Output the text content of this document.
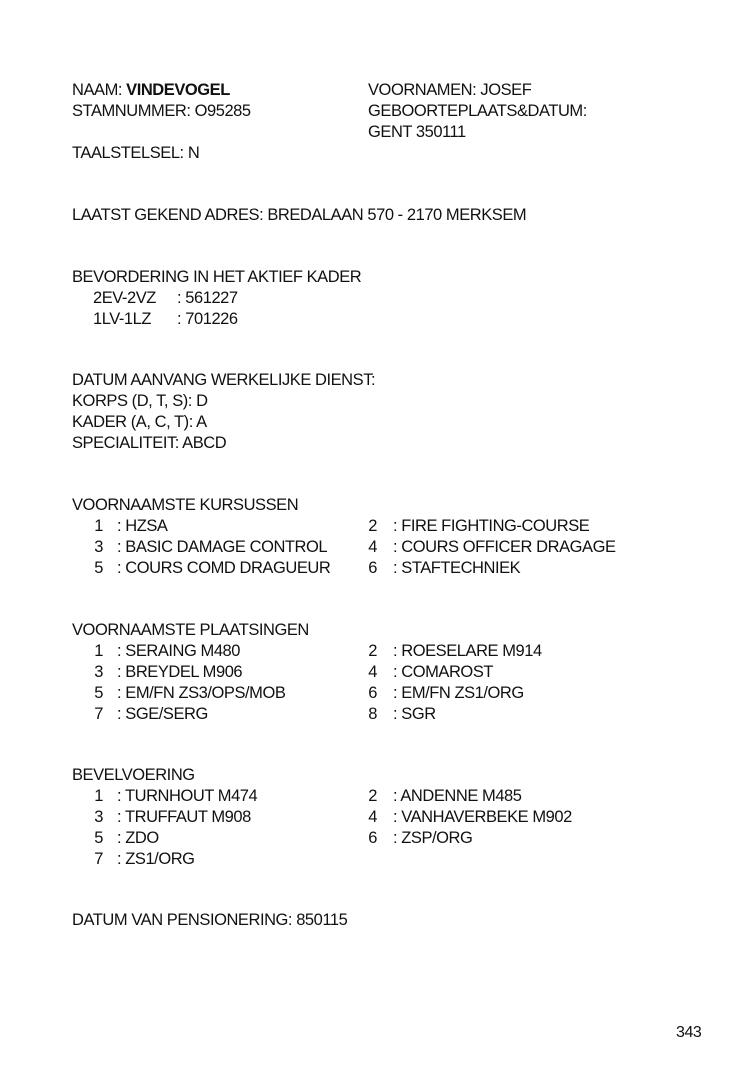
NAAM: VINDEVOGEL
STAMNUMMER: O95285
VOORNAMEN: JOSEF
GEBOORTEPLAATS&DATUM:
GENT 350111
TAALSTELSEL: N
LAATST GEKEND ADRES: BREDALAAN 570 - 2170 MERKSEM
BEVORDERING IN HET AKTIEF KADER
2EV-2VZ : 561227
1LV-1LZ : 701226
DATUM AANVANG WERKELIJKE DIENST:
KORPS (D, T, S): D
KADER (A, C, T): A
SPECIALITEIT: ABCD
VOORNAAMSTE KURSUSSEN
1 : HZSA	2 : FIRE FIGHTING-COURSE
3 : BASIC DAMAGE CONTROL	4 : COURS OFFICER DRAGAGE
5 : COURS COMD DRAGUEUR	6 : STAFTECHNIEK
VOORNAAMSTE PLAATSINGEN
1 : SERAING M480	2 : ROESELARE M914
3 : BREYDEL M906	4 : COMAROST
5 : EM/FN ZS3/OPS/MOB	6 : EM/FN ZS1/ORG
7 : SGE/SERG	8 : SGR
BEVELVOERING
1 : TURNHOUT M474	2 : ANDENNE M485
3 : TRUFFAUT M908	4 : VANHAVERBEKE M902
5 : ZDO	6 : ZSP/ORG
7 : ZS1/ORG
DATUM VAN PENSIONERING: 850115
343
